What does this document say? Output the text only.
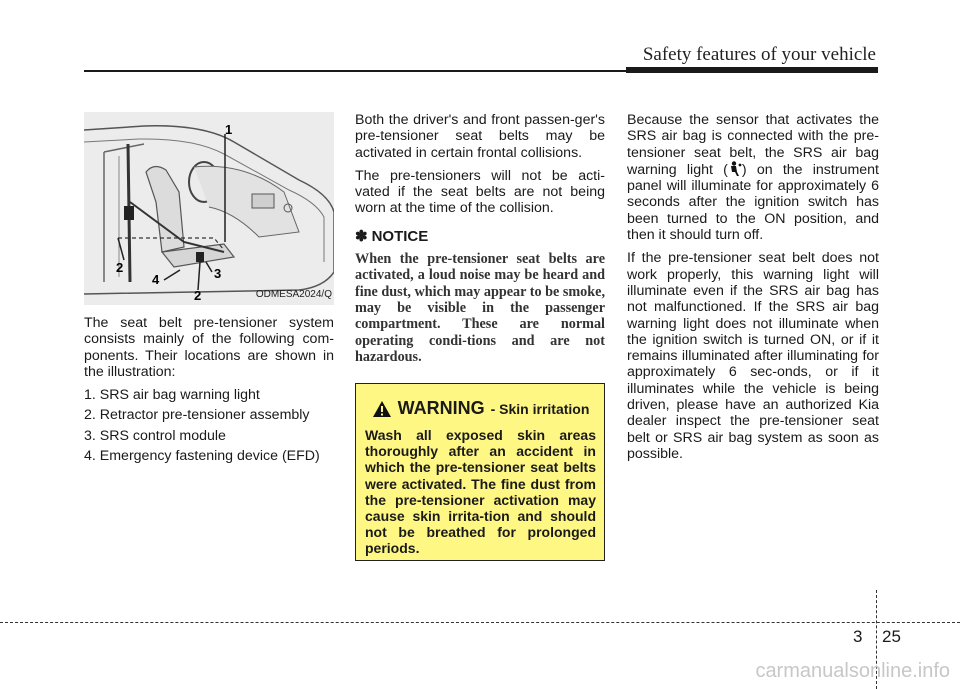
Safety features of your vehicle
1
2
4	3
2	ODMESA2024/Q

The seat belt pre-tensioner system consists mainly of the following com-ponents. Their locations are shown in the illustration:

1. SRS air bag warning light
2. Retractor pre-tensioner assembly
3. SRS control module
4. Emergency fastening device (EFD)

Both the driver's and front passen-ger's pre-tensioner seat belts may be activated in certain frontal collisions.

The pre-tensioners will not be acti-vated if the seat belts are not being worn at the time of the collision.

✽ NOTICE

When the pre-tensioner seat belts are activated, a loud noise may be heard and fine dust, which may appear to be smoke, may be visible in the passenger compartment. These are normal operating condi-tions and are not hazardous.

WARNING - Skin irritation

Wash all exposed skin areas thoroughly after an accident in which the pre-tensioner seat belts were activated. The fine dust from the pre-tensioner activation may cause skin irrita-tion and should not be breathed for prolonged periods.

Because the sensor that activates the SRS air bag is connected with the pre-tensioner seat belt, the SRS air bag warning light ( ) on the instrument panel will illuminate for approximately 6 seconds after the ignition switch has been turned to the ON position, and then it should turn off.

If the pre-tensioner seat belt does not work properly, this warning light will illuminate even if the SRS air bag has not malfunctioned. If the SRS air bag warning light does not illuminate when the ignition switch is turned ON, or if it remains illuminated after illuminating for approximately 6 sec-onds, or if it illuminates while the vehicle is being driven, please have an authorized Kia dealer inspect the pre-tensioner seat belt or SRS air bag system as soon as possible.

3 25
carmanualsonline.info
